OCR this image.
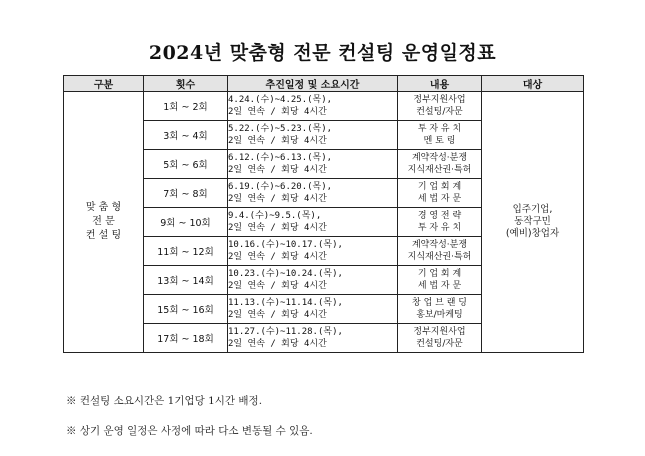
2024년 맞춤형 전문 컨설팅 운영일정표
구분	횟수	추진일정 및 소요시간	내용	대상

맞 춤 형
전 문
컨 설 팅	1회 ~ 2회	4.24.(수)~4.25.(목),
2일 연속 / 회당 4시간	정부지원사업
컨설팅/자문	입주기업,
동작구민
(예비)창업자

	3회 ~ 4회	5.22.(수)~5.23.(목),
2일 연속 / 회당 4시간	투 자 유 치
멘 토 링	

	5회 ~ 6회	6.12.(수)~6.13.(목),
2일 연속 / 회당 4시간	계약작성·분쟁
지식재산권·특허	

	7회 ~ 8회	6.19.(수)~6.20.(목),
2일 연속 / 회당 4시간	기 업 회 계
세 법 자 문	

	9회 ~ 10회	9.4.(수)~9.5.(목),
2일 연속 / 회당 4시간	경 영 전 략
투 자 유 치	

	11회 ~ 12회	10.16.(수)~10.17.(목),
2일 연속 / 회당 4시간	계약작성·분쟁
지식재산권·특허	

	13회 ~ 14회	10.23.(수)~10.24.(목),
2일 연속 / 회당 4시간	기 업 회 계
세 법 자 문	

	15회 ~ 16회	11.13.(수)~11.14.(목),
2일 연속 / 회당 4시간	창 업 브 랜 딩
홍보/마케팅	

	17회 ~ 18회	11.27.(수)~11.28.(목),
2일 연속 / 회당 4시간	정부지원사업
컨설팅/자문	
※ 컨설팅 소요시간은 1기업당 1시간 배정.
※ 상기 운영 일정은 사정에 따라 다소 변동될 수 있음.
